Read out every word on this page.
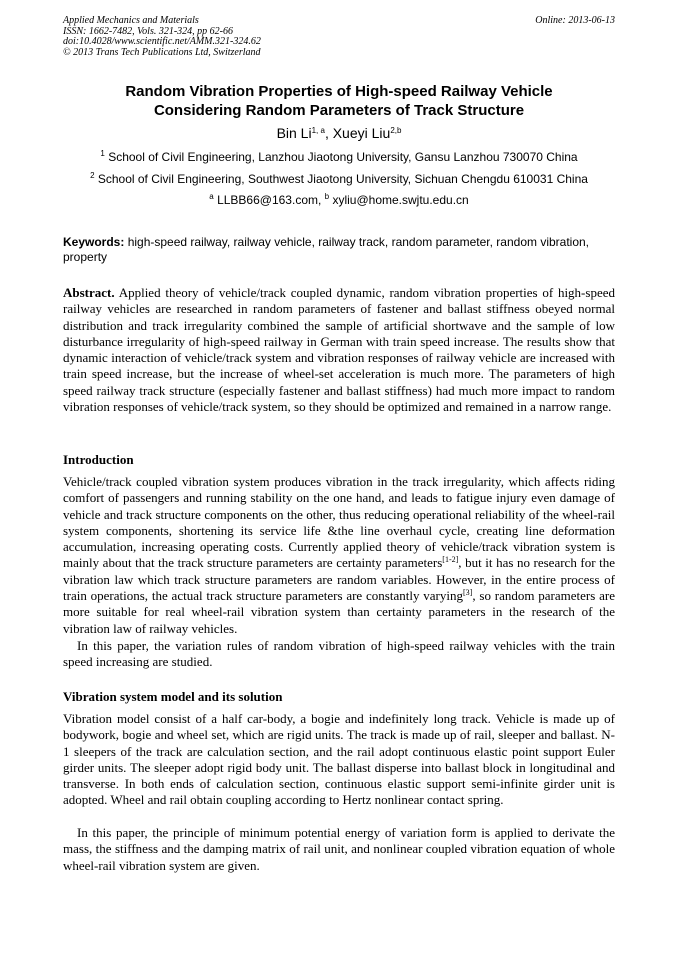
Applied Mechanics and Materials
ISSN: 1662-7482, Vols. 321-324, pp 62-66
doi:10.4028/www.scientific.net/AMM.321-324.62
© 2013 Trans Tech Publications Ltd, Switzerland
Online: 2013-06-13
Random Vibration Properties of High-speed Railway Vehicle
Considering Random Parameters of Track Structure
Bin Li$^{1, a}$, Xueyi Liu$^{2,b}$
$^1$ School of Civil Engineering, Lanzhou Jiaotong University, Gansu Lanzhou 730070 China
$^2$ School of Civil Engineering, Southwest Jiaotong University, Sichuan Chengdu 610031 China
$^a$ LLBB66@163.com, $^b$ xyliu@home.swjtu.edu.cn
Keywords: high-speed railway, railway vehicle, railway track, random parameter, random vibration, property
Abstract. Applied theory of vehicle/track coupled dynamic, random vibration properties of high-speed railway vehicles are researched in random parameters of fastener and ballast stiffness obeyed normal distribution and track irregularity combined the sample of artificial shortwave and the sample of low disturbance irregularity of high-speed railway in German with train speed increase. The results show that dynamic interaction of vehicle/track system and vibration responses of railway vehicle are increased with train speed increase, but the increase of wheel-set acceleration is much more. The parameters of high speed railway track structure (especially fastener and ballast stiffness) had much more impact to random vibration responses of vehicle/track system, so they should be optimized and remained in a narrow range.
Introduction
Vehicle/track coupled vibration system produces vibration in the track irregularity, which affects riding comfort of passengers and running stability on the one hand, and leads to fatigue injury even damage of vehicle and track structure components on the other, thus reducing operational reliability of the wheel-rail system components, shortening its service life &the line overhaul cycle, creating line deformation accumulation, increasing operating costs. Currently applied theory of vehicle/track vibration system is mainly about that the track structure parameters are certainty parameters[1-2], but it has no research for the vibration law which track structure parameters are random variables. However, in the entire process of train operations, the actual track structure parameters are constantly varying[3], so random parameters are more suitable for real wheel-rail vibration system than certainty parameters in the research of the vibration law of railway vehicles.
In this paper, the variation rules of random vibration of high-speed railway vehicles with the train speed increasing are studied.
Vibration system model and its solution
Vibration model consist of a half car-body, a bogie and indefinitely long track. Vehicle is made up of bodywork, bogie and wheel set, which are rigid units. The track is made up of rail, sleeper and ballast. N-1 sleepers of the track are calculation section, and the rail adopt continuous elastic point support Euler girder units. The sleeper adopt rigid body unit. The ballast disperse into ballast block in longitudinal and transverse. In both ends of calculation section, continuous elastic support semi-infinite girder unit is adopted. Wheel and rail obtain coupling according to Hertz nonlinear contact spring.
In this paper, the principle of minimum potential energy of variation form is applied to derivate the mass, the stiffness and the damping matrix of rail unit, and nonlinear coupled vibration equation of whole wheel-rail vibration system are given.
